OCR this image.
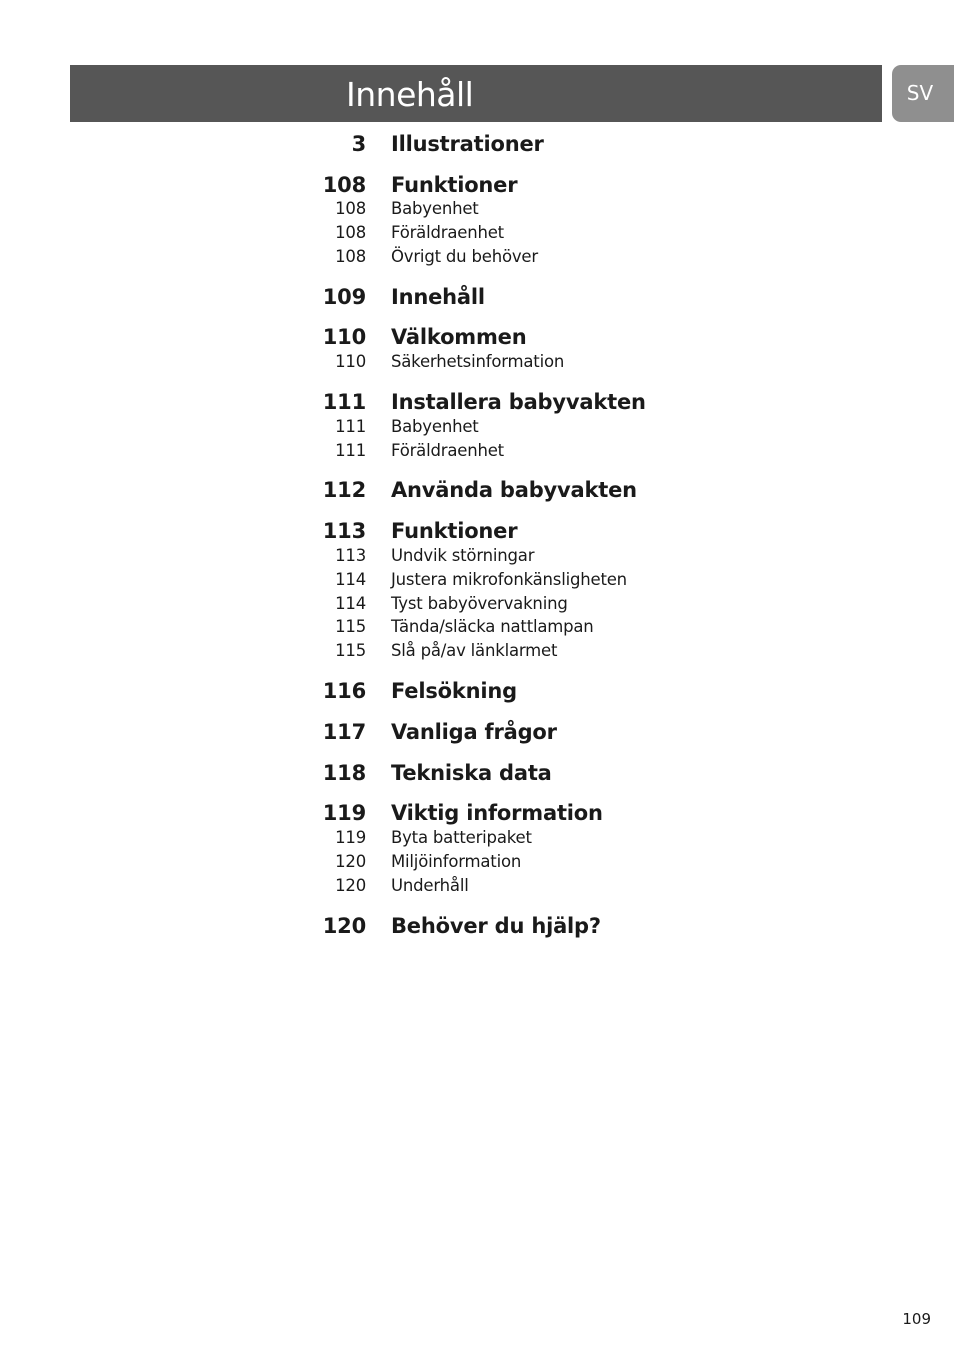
Innehåll	SV
3 Illustrationer
108 Funktioner
108 Babyenhet
108 Föräldraenhet
108 Övrigt du behöver
109 Innehåll
110 Välkommen
110 Säkerhetsinformation
111 Installera babyvakten
111 Babyenhet
111 Föräldraenhet
112 Använda babyvakten
113 Funktioner
113 Undvik störningar
114 Justera mikrofonkänsligheten
114 Tyst babyövervakning
115 Tända/släcka nattlampan
115 Slå på/av länklarmet
116 Felsökning
117 Vanliga frågor
118 Tekniska data
119 Viktig information
119 Byta batteripaket
120 Miljöinformation
120 Underhåll
120 Behöver du hjälp?
109
